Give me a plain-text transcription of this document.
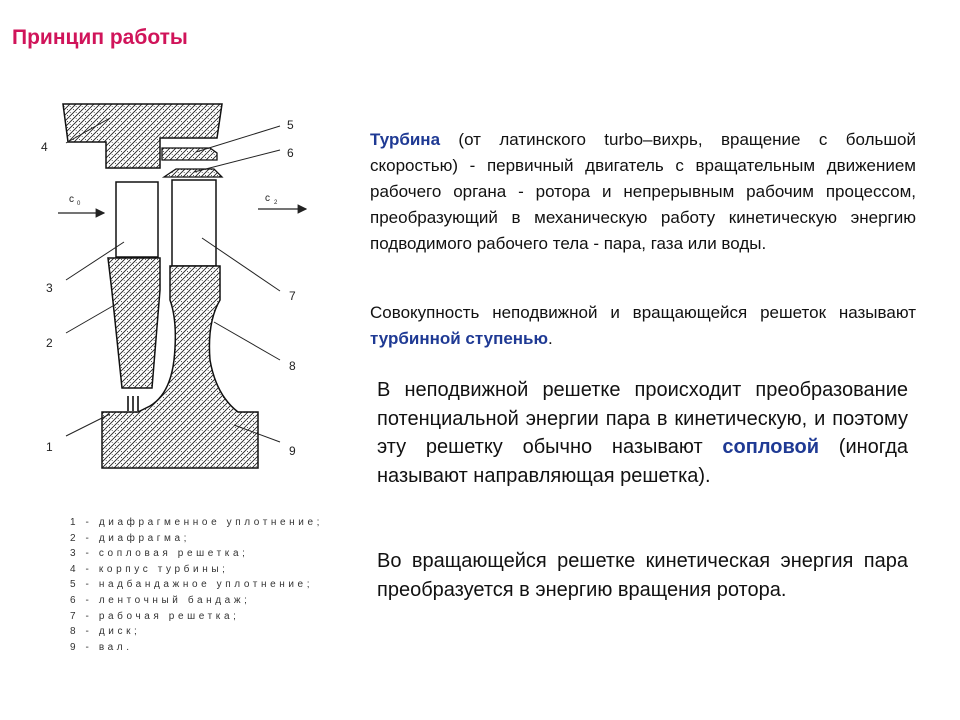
Принцип работы
c 0	c 2
1
2
3
4
5
6
7
8
9
1 - диафрагменное уплотнение;
2 - диафрагма;
3 - сопловая решетка;
4 - корпус турбины;
5 - надбандажное уплотнение;
6 - ленточный бандаж;
7 - рабочая решетка;
8 - диск;
9 - вал.

Турбина (от латинского turbo–вихрь, вращение с большой скоростью) - первичный двигатель с вращательным движением рабочего органа - ротора и непрерывным рабочим процессом, преобразующий в механическую работу кинетическую энергию подводимого рабочего тела - пара, газа или воды.

Совокупность неподвижной и вращающейся решеток называют турбинной ступенью.

В неподвижной решетке происходит преобразование потенциальной энергии пара в кинетическую, и поэтому эту решетку обычно называют сопловой (иногда называют направляющая решетка).

Во вращающейся решетке кинетическая энергия пара преобразуется в энергию вращения ротора.
